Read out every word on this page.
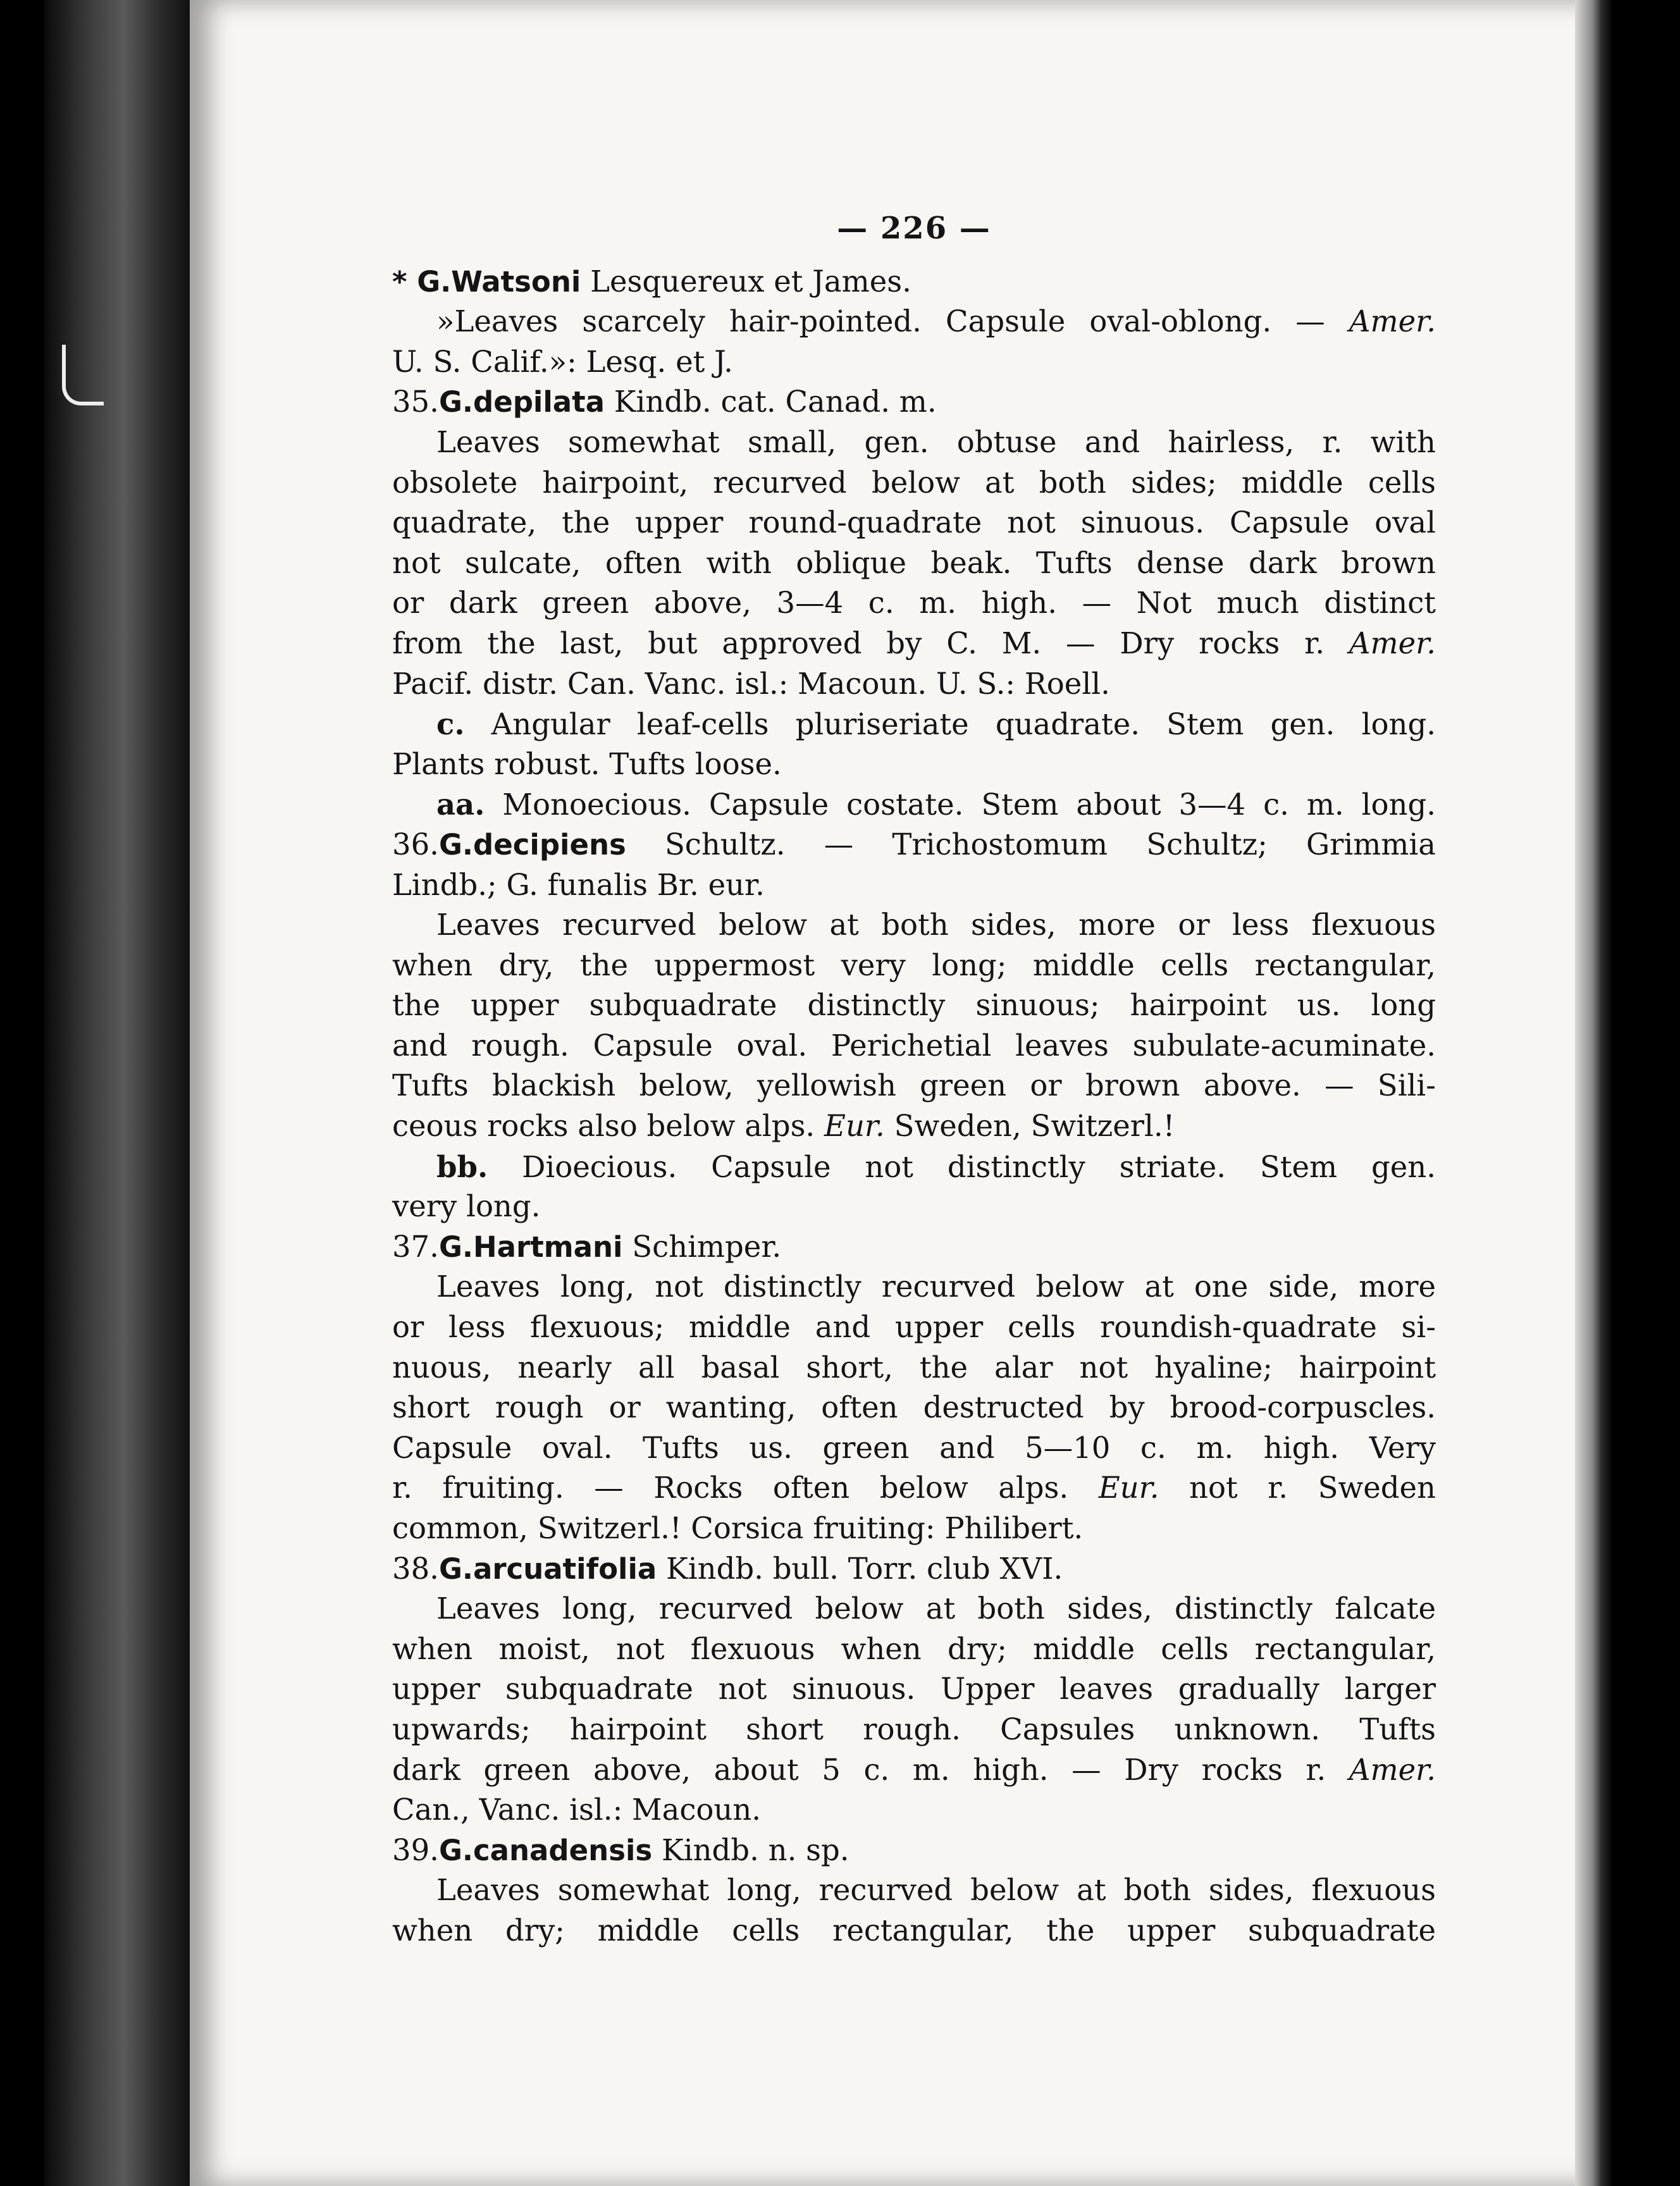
— 226 —
* G.Watsoni Lesquereux et James.
»Leaves scarcely hair-pointed. Capsule oval-oblong. — Amer.
U. S. Calif.»: Lesq. et J.
35.G.depilata Kindb. cat. Canad. m.
Leaves somewhat small, gen. obtuse and hairless, r. with
obsolete hairpoint, recurved below at both sides; middle cells
quadrate, the upper round-quadrate not sinuous. Capsule oval
not sulcate, often with oblique beak. Tufts dense dark brown
or dark green above, 3—4 c. m. high. — Not much distinct
from the last, but approved by C. M. — Dry rocks r. Amer.
Pacif. distr. Can. Vanc. isl.: Macoun. U. S.: Roell.
c. Angular leaf-cells pluriseriate quadrate. Stem gen. long.
Plants robust. Tufts loose.
aa. Monoecious. Capsule costate. Stem about 3—4 c. m. long.
36.G.decipiens Schultz. — Trichostomum Schultz; Grimmia
Lindb.; G. funalis Br. eur.
Leaves recurved below at both sides, more or less flexuous
when dry, the uppermost very long; middle cells rectangular,
the upper subquadrate distinctly sinuous; hairpoint us. long
and rough. Capsule oval. Perichetial leaves subulate-acuminate.
Tufts blackish below, yellowish green or brown above. — Sili-
ceous rocks also below alps. Eur. Sweden, Switzerl.!
bb. Dioecious. Capsule not distinctly striate. Stem gen.
very long.
37.G.Hartmani Schimper.
Leaves long, not distinctly recurved below at one side, more
or less flexuous; middle and upper cells roundish-quadrate si-
nuous, nearly all basal short, the alar not hyaline; hairpoint
short rough or wanting, often destructed by brood-corpuscles.
Capsule oval. Tufts us. green and 5—10 c. m. high. Very
r. fruiting. — Rocks often below alps. Eur. not r. Sweden
common, Switzerl.! Corsica fruiting: Philibert.
38.G.arcuatifolia Kindb. bull. Torr. club XVI.
Leaves long, recurved below at both sides, distinctly falcate
when moist, not flexuous when dry; middle cells rectangular,
upper subquadrate not sinuous. Upper leaves gradually larger
upwards; hairpoint short rough. Capsules unknown. Tufts
dark green above, about 5 c. m. high. — Dry rocks r. Amer.
Can., Vanc. isl.: Macoun.
39.G.canadensis Kindb. n. sp.
Leaves somewhat long, recurved below at both sides, flexuous
when dry; middle cells rectangular, the upper subquadrate
